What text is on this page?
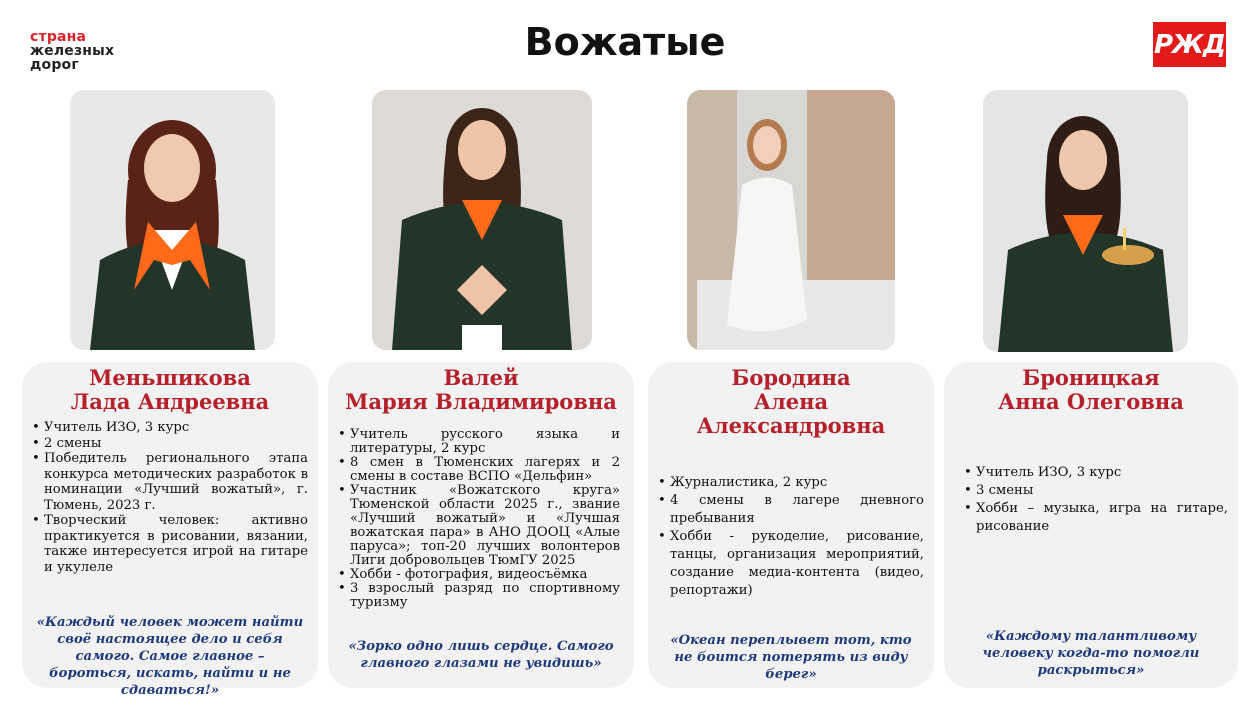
страна
железных
дорог
Вожатые	РЖД
Меньшикова
Лада Андреевна
• Учитель ИЗО, 3 курс
• 2 смены
• Победитель регионального этапа конкурса методических разработок в номинации «Лучший вожатый», г. Тюмень, 2023 г.
• Творческий человек: активно практикуется в рисовании, вязании, также интересуется игрой на гитаре и укулеле
«Каждый человек может найти своё настоящее дело и себя самого. Самое главное – бороться, искать, найти и не сдаваться!»
Валей
Мария Владимировна
• Учитель русского языка и литературы, 2 курс
• 8 смен в Тюменских лагерях и 2 смены в составе ВСПО «Дельфин»
• Участник «Вожатского круга» Тюменской области 2025 г., звание «Лучший вожатый» и «Лучшая вожатская пара» в АНО ДООЦ «Алые паруса»; топ-20 лучших волонтеров Лиги добровольцев ТюмГУ 2025
• Хобби - фотография, видеосъёмка
• 3 взрослый разряд по спортивному туризму
«Зорко одно лишь сердце. Самого главного глазами не увидишь»
Бородина
Алена Александровна
• Журналистика, 2 курс
• 4 смены в лагере дневного пребывания
• Хобби - рукоделие, рисование, танцы, организация мероприятий, создание медиа-контента (видео, репортажи)
«Океан переплывет тот, кто не боится потерять из виду берег»
Броницкая
Анна Олеговна
• Учитель ИЗО, 3 курс
• 3 смены
• Хобби – музыка, игра на гитаре, рисование
«Каждому талантливому человеку когда-то помогли раскрыться»
